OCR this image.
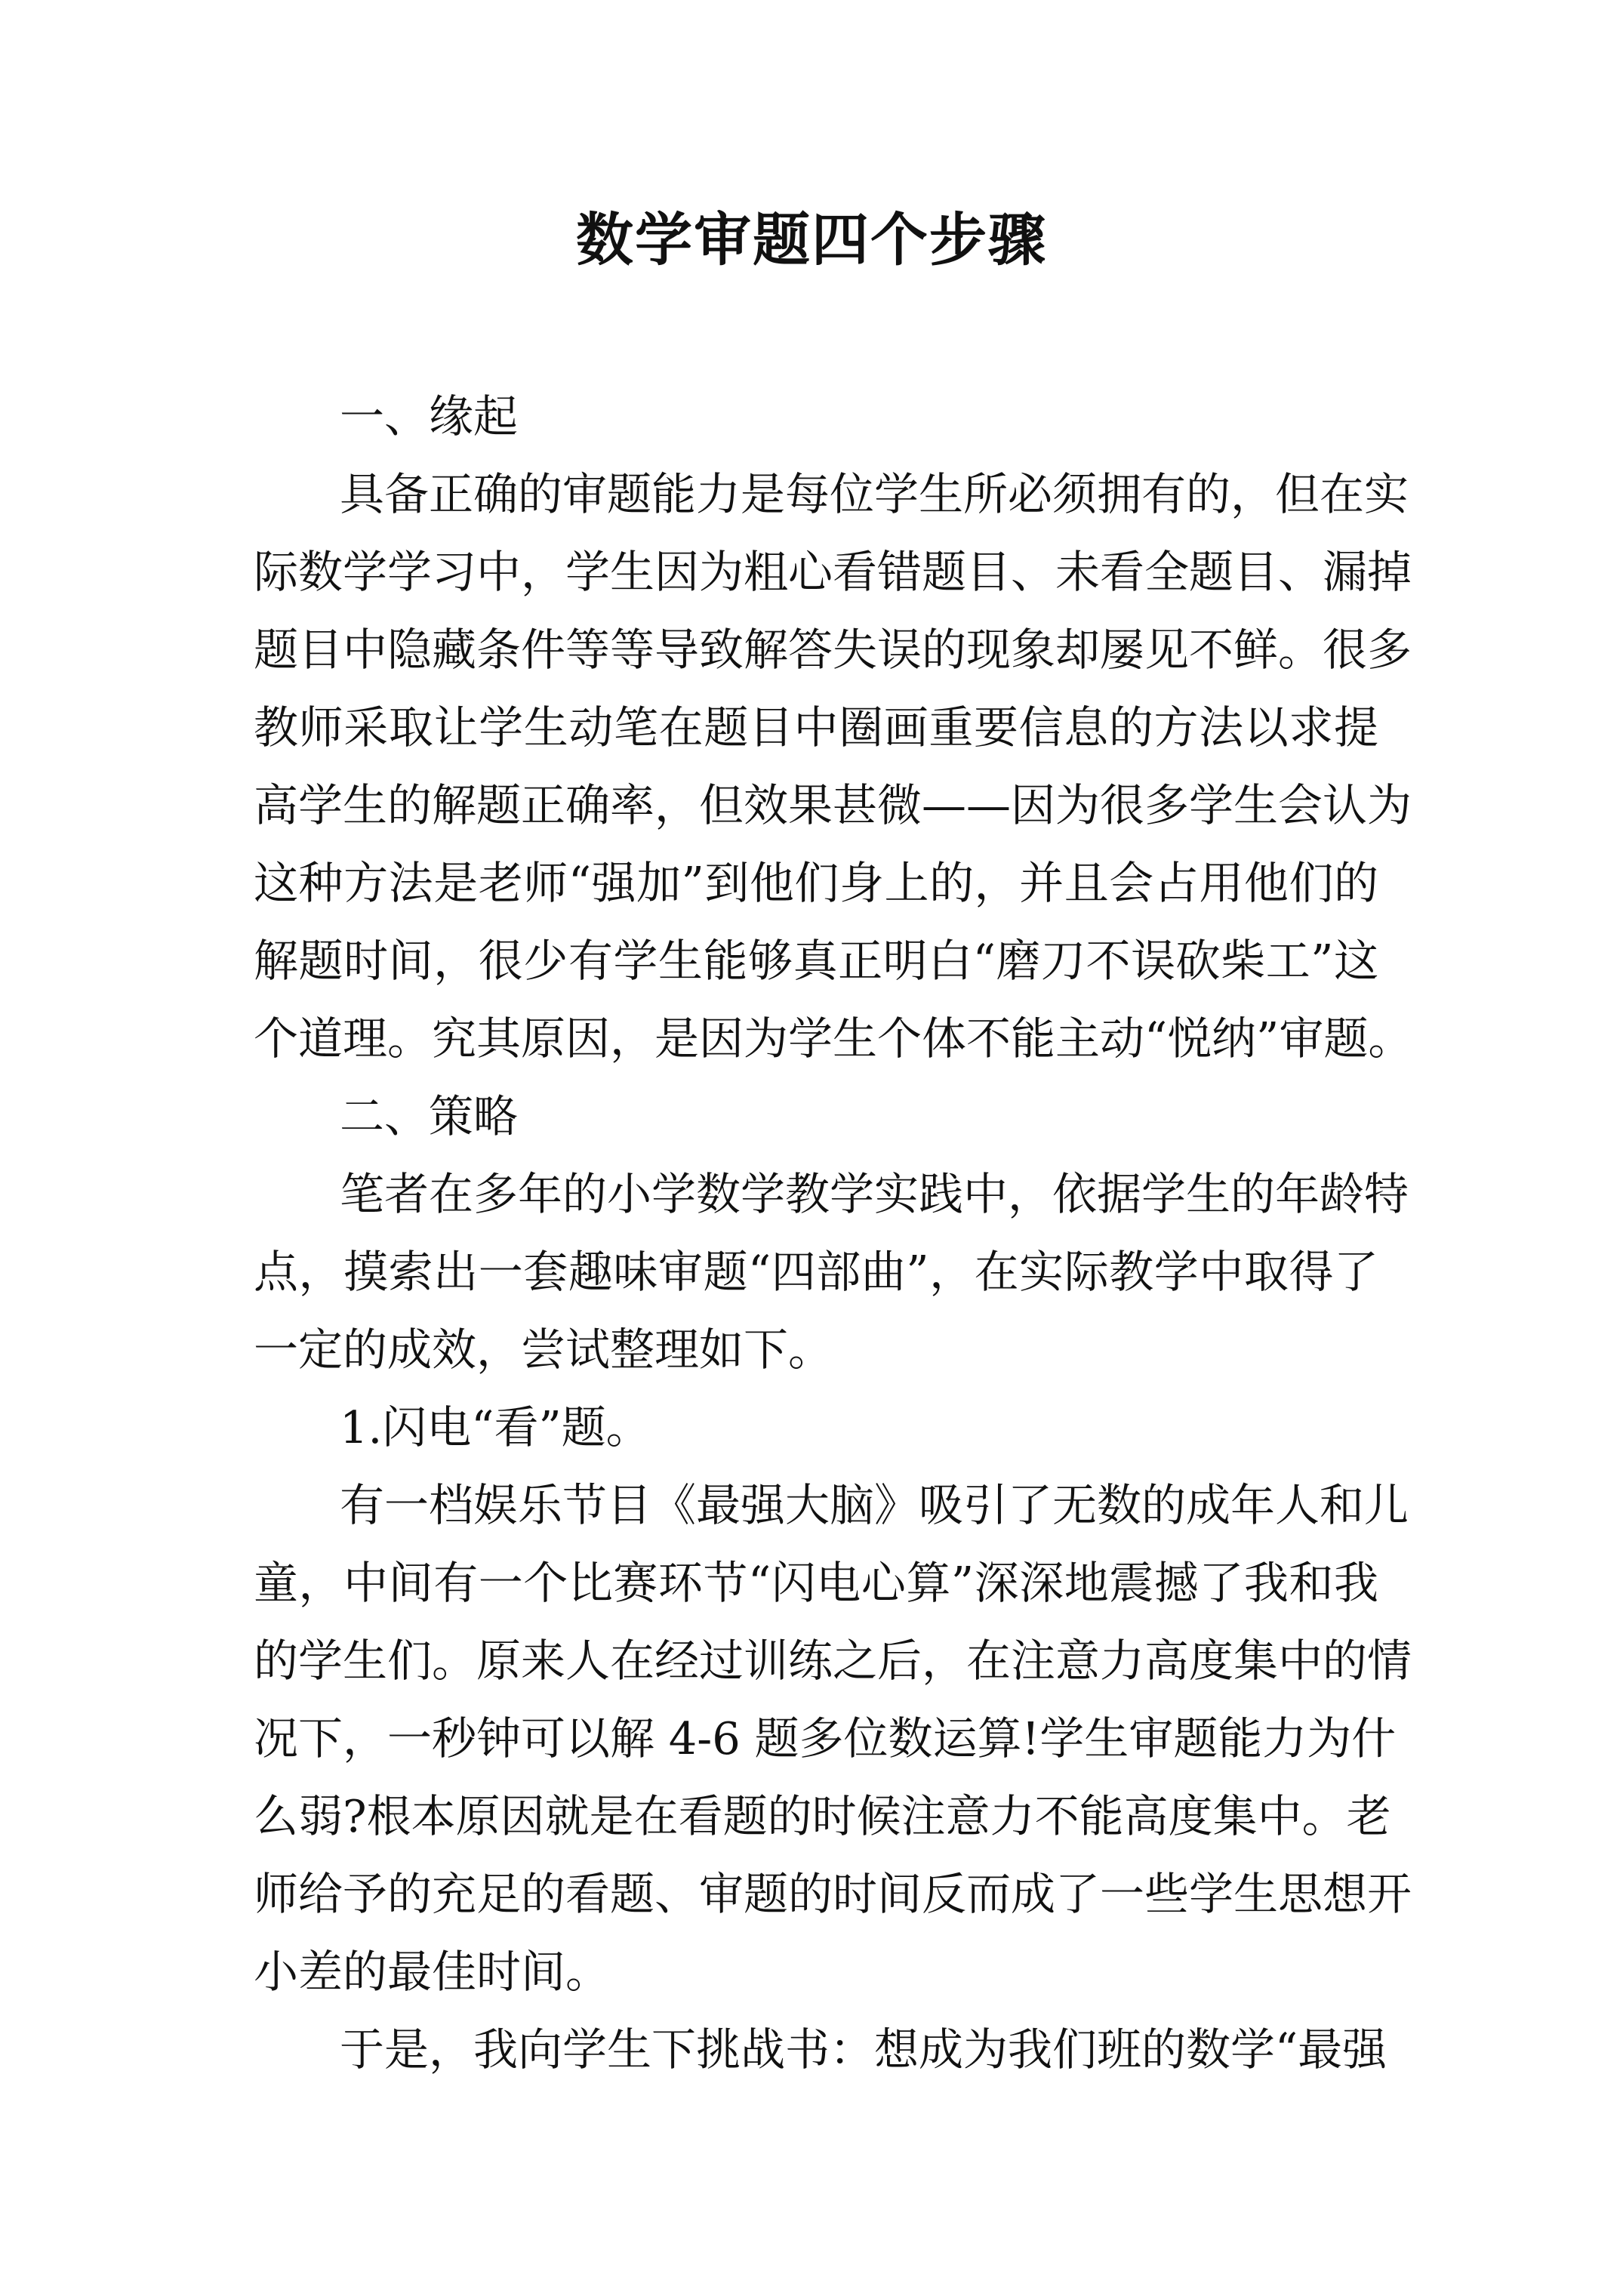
数学审题四个步骤
一、缘起
具备正确的审题能力是每位学生所必须拥有的，但在实
际数学学习中，学生因为粗心看错题目、未看全题目、漏掉
题目中隐藏条件等等导致解答失误的现象却屡见不鲜。很多
教师采取让学生动笔在题目中圈画重要信息的方法以求提
高学生的解题正确率，但效果甚微——因为很多学生会认为
这种方法是老师“强加”到他们身上的，并且会占用他们的
解题时间，很少有学生能够真正明白“磨刀不误砍柴工”这
个道理。究其原因，是因为学生个体不能主动“悦纳”审题。
二、策略
笔者在多年的小学数学教学实践中，依据学生的年龄特
点，摸索出一套趣味审题“四部曲”，在实际教学中取得了
一定的成效，尝试整理如下。
1.闪电“看”题。
有一档娱乐节目《最强大脑》吸引了无数的成年人和儿
童，中间有一个比赛环节“闪电心算”深深地震撼了我和我
的学生们。原来人在经过训练之后，在注意力高度集中的情
况下，一秒钟可以解 4-6 题多位数运算!学生审题能力为什
么弱?根本原因就是在看题的时候注意力不能高度集中。老
师给予的充足的看题、审题的时间反而成了一些学生思想开
小差的最佳时间。
于是，我向学生下挑战书：想成为我们班的数学“最强
